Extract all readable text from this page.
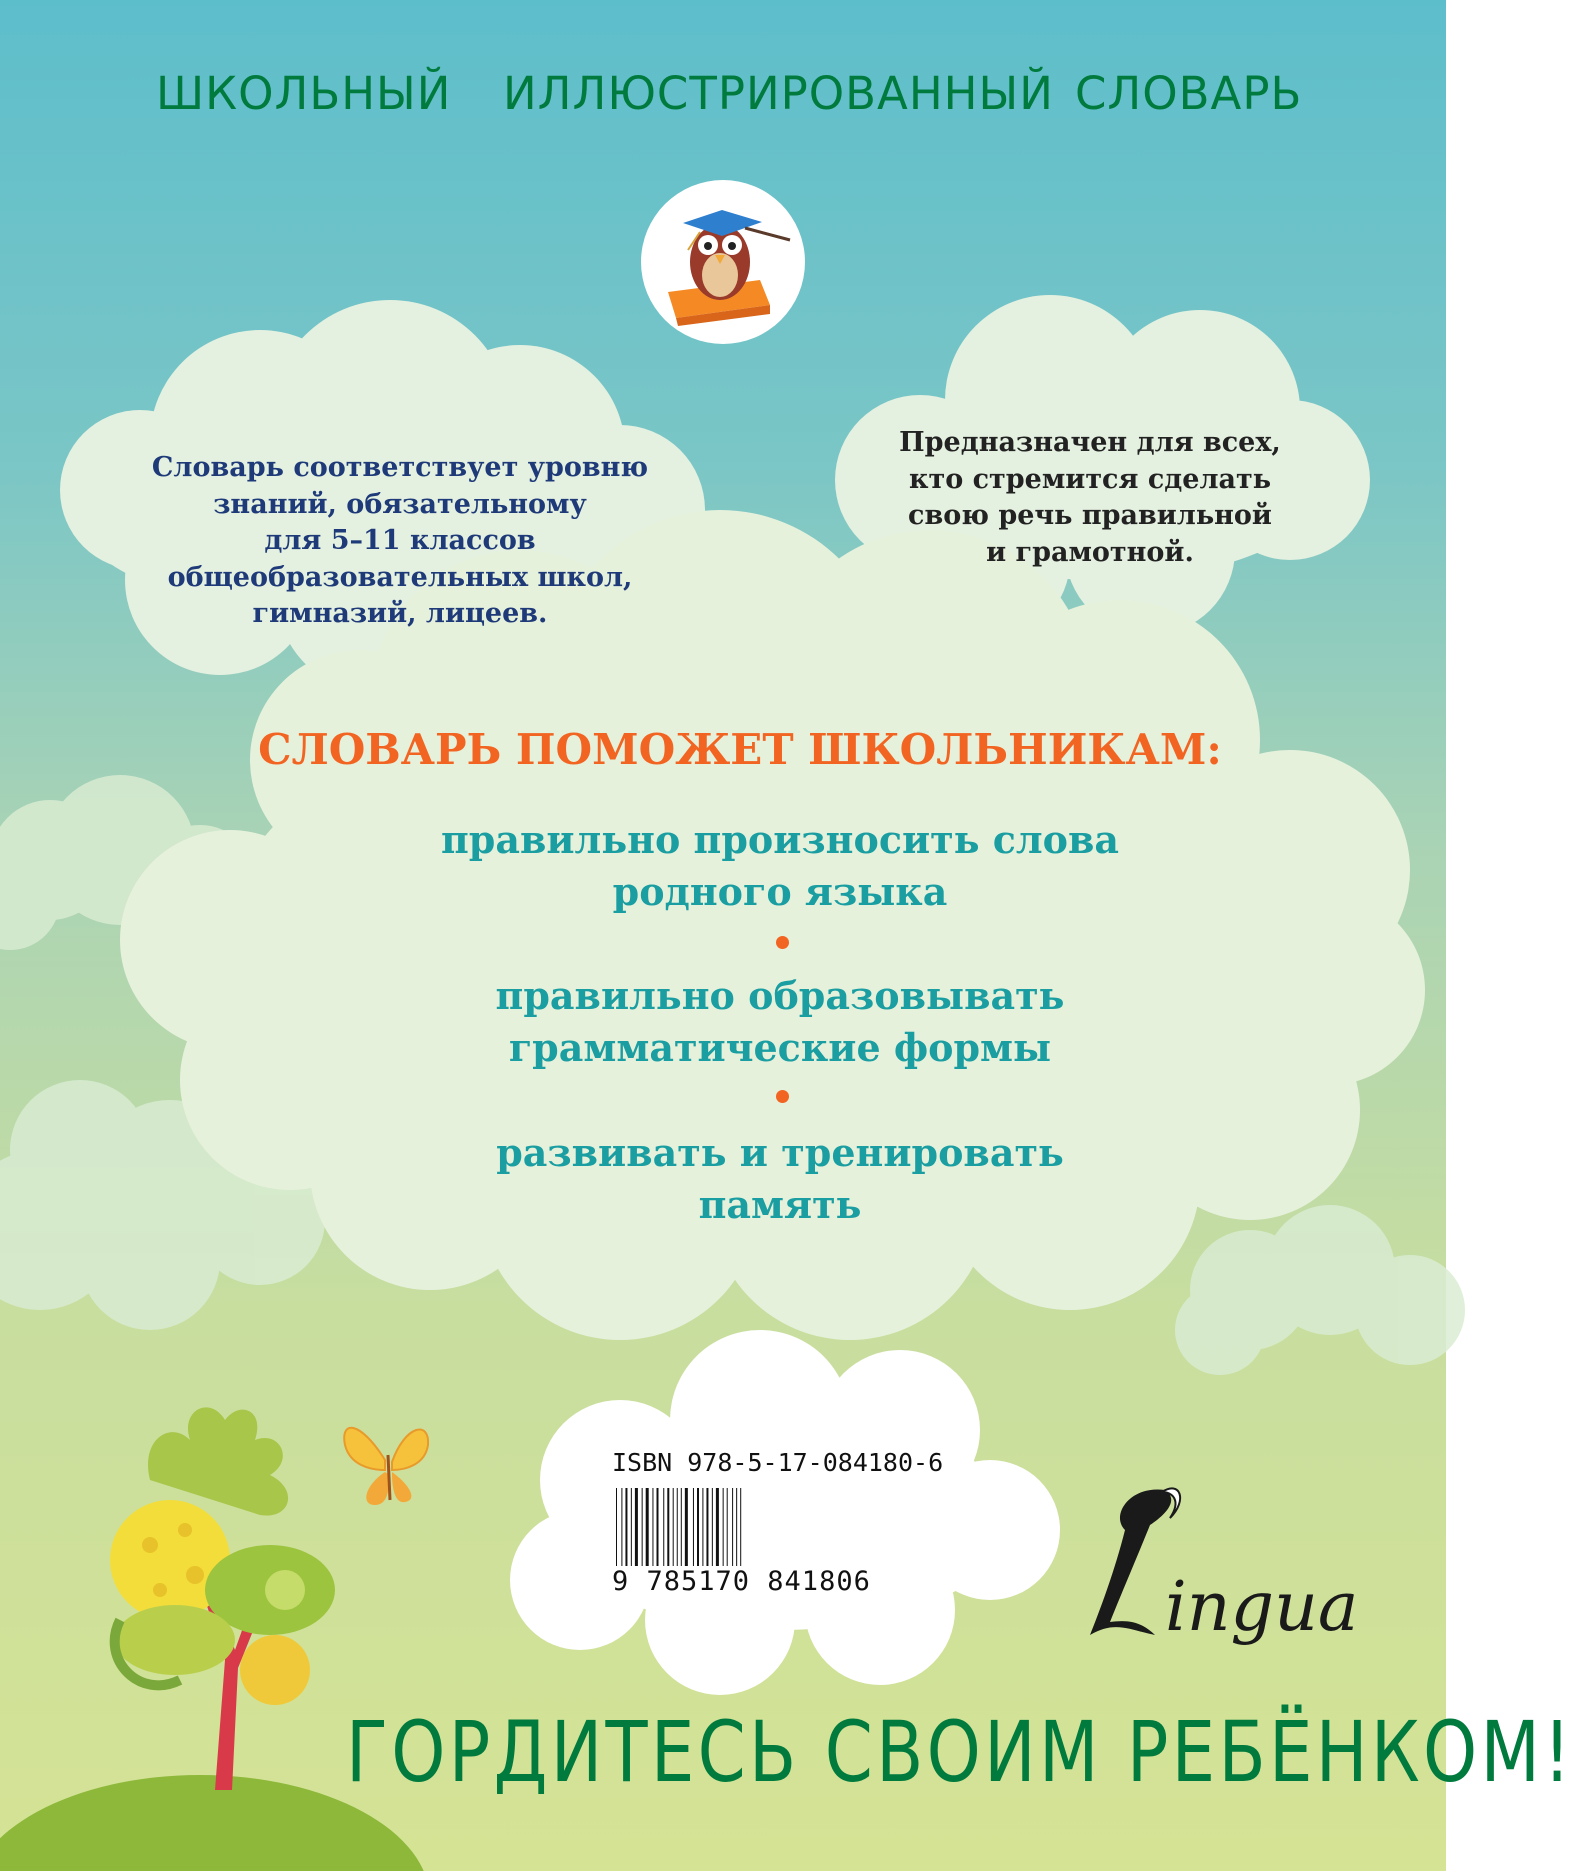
ШКОЛЬНЫЙ ИЛЛЮСТРИРОВАННЫЙ СЛОВАРЬ
Словарь соответствует уровню
знаний, обязательному
для 5–11 классов
общеобразовательных школ,
гимназий, лицеев.
Предназначен для всех,
кто стремится сделать
свою речь правильной
и грамотной.
СЛОВАРЬ ПОМОЖЕТ ШКОЛЬНИКАМ:
правильно произносить слова
родного языка
правильно образовывать
грамматические формы
развивать и тренировать
память
ISBN 978-5-17-084180-6
9 785170 841806	ingua
ГОРДИТЕСЬ СВОИМ РЕБЁНКОМ!
